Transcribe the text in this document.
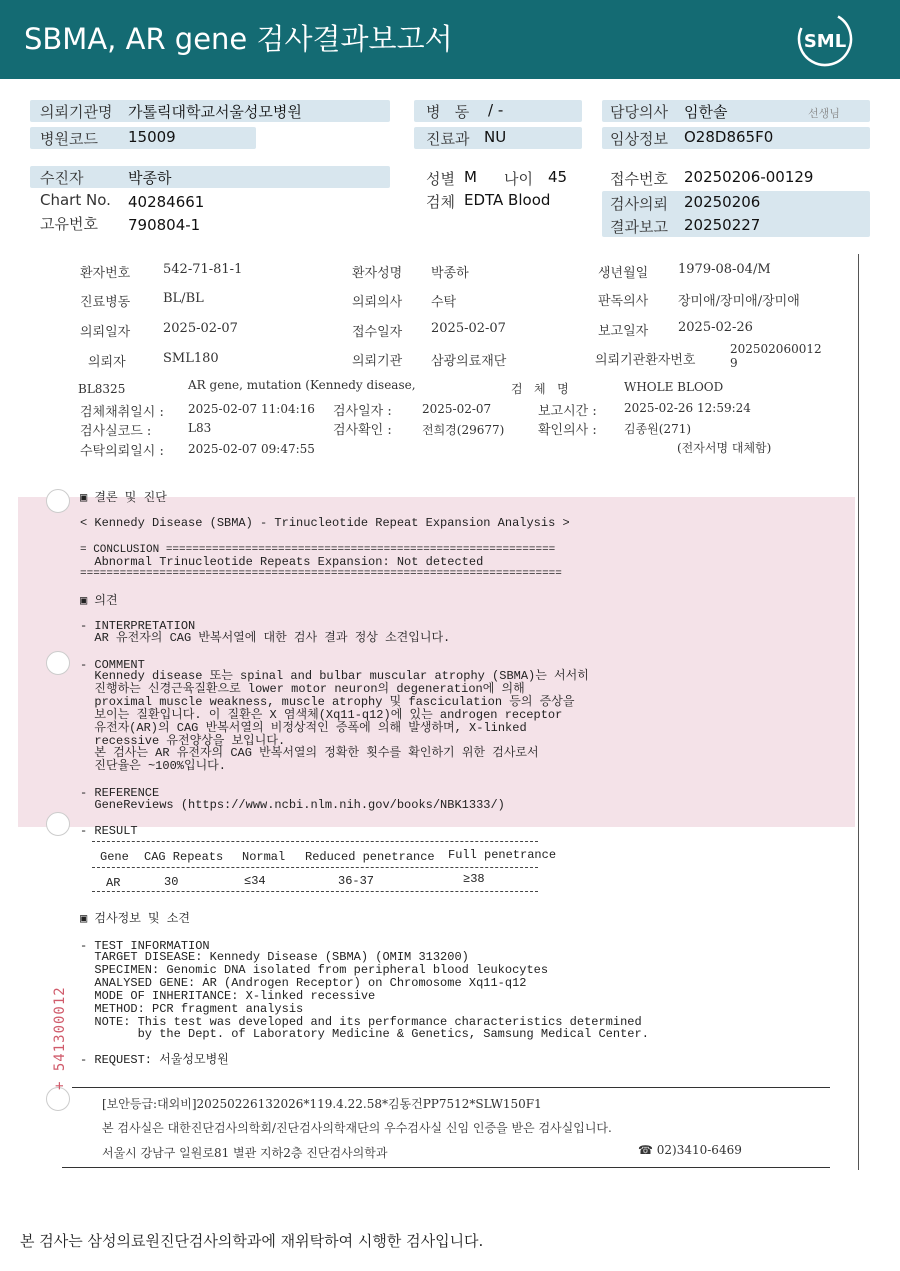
SBMA, AR gene 검사결과보고서	SML
의뢰기관명 가톨릭대학교서울성모병원
병원코드 15009
병   동 / -
진료과 NU
담당의사 임한솔	선생님
임상정보 O28D865F0
수진자	박종하
Chart No. 40284661
고유번호 790804-1
성별 M 나이 45
검체 EDTA Blood
접수번호 20250206-00129
검사의뢰 20250206
결과보고 20250227
환자번호	542-71-81-1	환자성명 박종하	생년월일 1979-08-04/M
진료병동	BL/BL	의뢰의사 수탁	판독의사 장미애/장미애/장미애
의뢰일자	2025-02-07	접수일자 2025-02-07	보고일자 2025-02-26
의뢰자	SML180	의뢰기관 삼광의료재단	의뢰기관환자번호
202502060012
9
BL8325	AR gene, mutation (Kennedy disease,	검   체   명	WHOLE BLOOD
검체채취일시 : 2025-02-07 11:04:16 검사일자 :	2025-02-07	보고시간 : 2025-02-26 12:59:24
검사실코드 :	L83	검사확인 :	전희경(29677)	확인의사 : 김종원(271)
수탁의뢰일시 : 2025-02-07 09:47:55	(전자서명 대체함)
▣ 결론 및 진단
< Kennedy Disease (SBMA) - Trinucleotide Repeat Expansion Analysis >
= CONCLUSION ===========================================================
Abnormal Trinucleotide Repeats Expansion: Not detected
=========================================================================
▣ 의견
- INTERPRETATION
AR 유전자의 CAG 반복서열에 대한 검사 결과 정상 소견입니다.
- COMMENT
Kennedy disease 또는 spinal and bulbar muscular atrophy (SBMA)는 서서히
진행하는 신경근육질환으로 lower motor neuron의 degeneration에 의해
proximal muscle weakness, muscle atrophy 및 fasciculation 등의 증상을
보이는 질환입니다. 이 질환은 X 염색체(Xq11-q12)에 있는 androgen receptor
유전자(AR)의 CAG 반복서열의 비정상적인 증폭에 의해 발생하며, X-linked
recessive 유전양상을 보입니다.
본 검사는 AR 유전자의 CAG 반복서열의 정확한 횟수를 확인하기 위한 검사로서
진단율은 ~100%입니다.
- REFERENCE
GeneReviews (https://www.ncbi.nlm.nih.gov/books/NBK1333/)
- RESULT
Gene CAG Repeats Normal Reduced penetrance Full penetrance
AR	30	≤34	36-37	≥38
▣ 검사정보 및 소견
- TEST INFORMATION
TARGET DISEASE: Kennedy Disease (SBMA) (OMIM 313200)
SPECIMEN: Genomic DNA isolated from peripheral blood leukocytes
ANALYSED GENE: AR (Androgen Receptor) on Chromosome Xq11-q12
MODE OF INHERITANCE: X-linked recessive
METHOD: PCR fragment analysis
NOTE: This test was developed and its performance characteristics determined
by the Dept. of Laboratory Medicine & Genetics, Samsung Medical Center.
- REQUEST: 서울성모병원
+ 541300012
[보안등급:대외비]20250226132026*119.4.22.58*김동건PP7512*SLW150F1
본 검사실은 대한진단검사의학회/진단검사의학재단의 우수검사실 신임 인증을 받은 검사실입니다.
서울시 강남구 일원로81 별관 지하2층 진단검사의학과	☎ 02)3410-6469
본 검사는 삼성의료원진단검사의학과에 재위탁하여 시행한 검사입니다.
